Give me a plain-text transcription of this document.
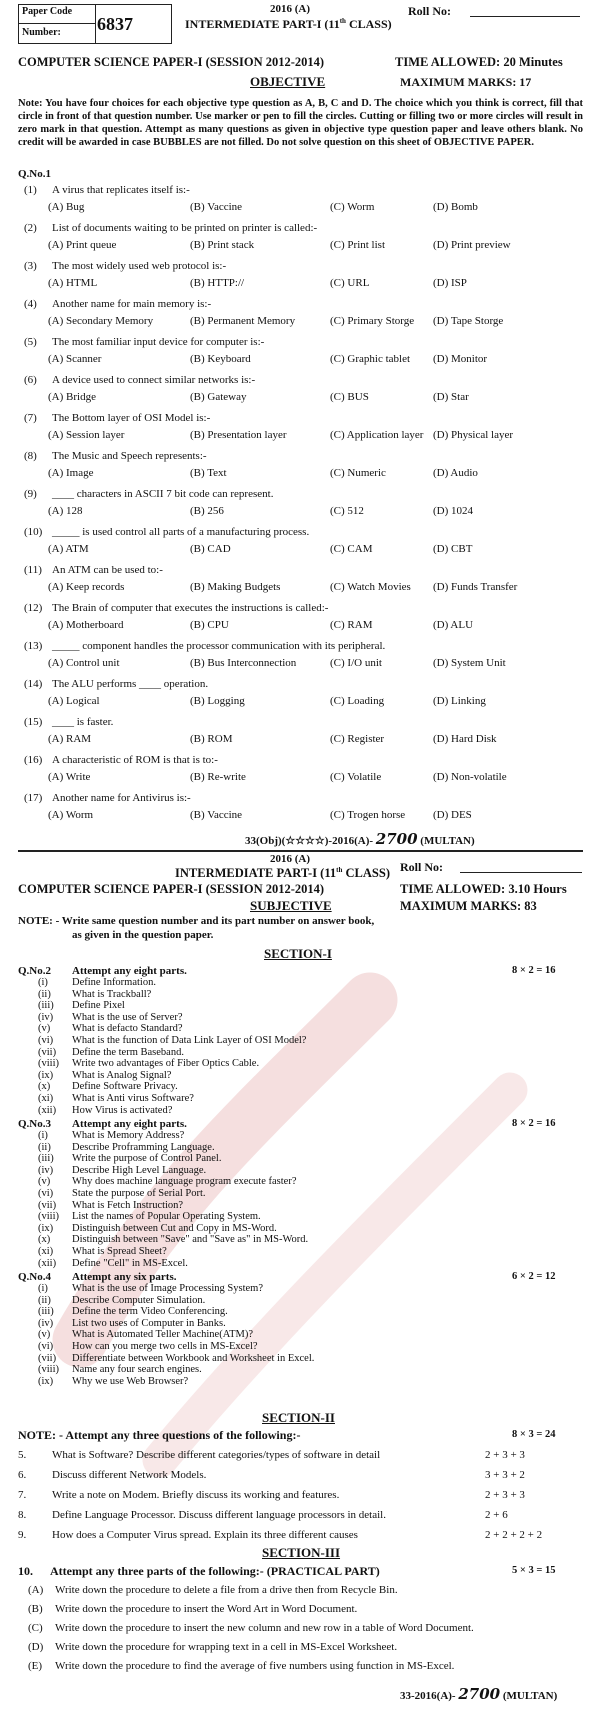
Paper Code
Number: 6837
2016 (A)
INTERMEDIATE PART-I (11th CLASS)
Roll No:
COMPUTER SCIENCE PAPER-I (SESSION 2012-2014)	TIME ALLOWED: 20 Minutes
OBJECTIVE	MAXIMUM MARKS: 17
Note: You have four choices for each objective type question as A, B, C and D. The choice which you think is correct, fill that circle in front of that question number. Use marker or pen to fill the circles. Cutting or filling two or more circles will result in zero mark in that question. Attempt as many questions as given in objective type question paper and leave others blank. No credit will be awarded in case BUBBLES are not filled. Do not solve question on this sheet of OBJECTIVE PAPER.
Q.No.1
(1) A virus that replicates itself is:-
(A) Bug	(B) Vaccine	(C) Worm	(D) Bomb
(2) List of documents waiting to be printed on printer is called:-
(A) Print queue	(B) Print stack	(C) Print list	(D) Print preview
(3) The most widely used web protocol is:-
(A) HTML	(B) HTTP://	(C) URL	(D) ISP
(4) Another name for main memory is:-
(A) Secondary Memory	(B) Permanent Memory	(C) Primary Storge (D) Tape Storge
(5) The most familiar input device for computer is:-
(A) Scanner	(B) Keyboard	(C) Graphic tablet (D) Monitor
(6) A device used to connect similar networks is:-
(A) Bridge	(B) Gateway	(C) BUS	(D) Star
(7) The Bottom layer of OSI Model is:-
(A) Session layer	(B) Presentation layer	(C) Application layer (D) Physical layer
(8) The Music and Speech represents:-
(A) Image	(B) Text	(C) Numeric	(D) Audio
(9) ____ characters in ASCII 7 bit code can represent.
(A) 128	(B) 256	(C) 512	(D) 1024
(10) _____ is used control all parts of a manufacturing process.
(A) ATM	(B) CAD	(C) CAM	(D) CBT
(11) An ATM can be used to:-
(A) Keep records	(B) Making Budgets	(C) Watch Movies (D) Funds Transfer
(12) The Brain of computer that executes the instructions is called:-
(A) Motherboard	(B) CPU	(C) RAM	(D) ALU
(13) _____ component handles the processor communication with its peripheral.
(A) Control unit	(B) Bus Interconnection	(C) I/O unit	(D) System Unit
(14) The ALU performs ____ operation.
(A) Logical	(B) Logging	(C) Loading	(D) Linking
(15) ____ is faster.
(A) RAM	(B) ROM	(C) Register	(D) Hard Disk
(16) A characteristic of ROM is that is to:-
(A) Write	(B) Re-write	(C) Volatile	(D) Non-volatile
(17) Another name for Antivirus is:-
(A) Worm	(B) Vaccine	(C) Trogen horse	(D) DES
33(Obj)(☆☆☆☆)-2016(A)- 2700 (MULTAN)
2016 (A)
INTERMEDIATE PART-I (11th CLASS) Roll No:
COMPUTER SCIENCE PAPER-I (SESSION 2012-2014)	TIME ALLOWED: 3.10 Hours
SUBJECTIVE	MAXIMUM MARKS: 83
NOTE: - Write same question number and its part number on answer book,
as given in the question paper.
SECTION-I
Q.No.2 Attempt any eight parts.	8 × 2 = 16
(i) Define Information.
(ii) What is Trackball?
(iii) Define Pixel
(iv) What is the use of Server?
(v) What is defacto Standard?
(vi) What is the function of Data Link Layer of OSI Model?
(vii) Define the term Baseband.
(viii) Write two advantages of Fiber Optics Cable.
(ix) What is Analog Signal?
(x) Define Software Privacy.
(xi) What is Anti virus Software?
(xii) How Virus is activated?
Q.No.3 Attempt any eight parts.	8 × 2 = 16
(i) What is Memory Address?
(ii) Describe Proframming Language.
(iii) Write the purpose of Control Panel.
(iv) Describe High Level Language.
(v) Why does machine language program execute faster?
(vi) State the purpose of Serial Port.
(vii) What is Fetch Instruction?
(viii) List the names of Popular Operating System.
(ix) Distinguish between Cut and Copy in MS-Word.
(x) Distinguish between "Save" and "Save as" in MS-Word.
(xi) What is Spread Sheet?
(xii) Define "Cell" in MS-Excel.
Q.No.4 Attempt any six parts.	6 × 2 = 12
(i) What is the use of Image Processing System?
(ii) Describe Computer Simulation.
(iii) Define the term Video Conferencing.
(iv) List two uses of Computer in Banks.
(v) What is Automated Teller Machine(ATM)?
(vi) How can you merge two cells in MS-Excel?
(vii) Differentiate between Workbook and Worksheet in Excel.
(viii) Name any four search engines.
(ix) Why we use Web Browser?
SECTION-II
NOTE: - Attempt any three questions of the following:-	8 × 3 = 24
5. What is Software? Describe different categories/types of software in detail	2 + 3 + 3
6. Discuss different Network Models.	3 + 3 + 2
7. Write a note on Modem. Briefly discuss its working and features.	2 + 3 + 3
8. Define Language Processor. Discuss different language processors in detail.	2 + 6
9. How does a Computer Virus spread. Explain its three different causes	2 + 2 + 2 + 2
SECTION-III
10. Attempt any three parts of the following:- (PRACTICAL PART)	5 × 3 = 15
(A) Write down the procedure to delete a file from a drive then from Recycle Bin.
(B) Write down the procedure to insert the Word Art in Word Document.
(C) Write down the procedure to insert the new column and new row in a table of Word Document.
(D) Write down the procedure for wrapping text in a cell in MS-Excel Worksheet.
(E) Write down the procedure to find the average of five numbers using function in MS-Excel.
33-2016(A)- 2700 (MULTAN)
